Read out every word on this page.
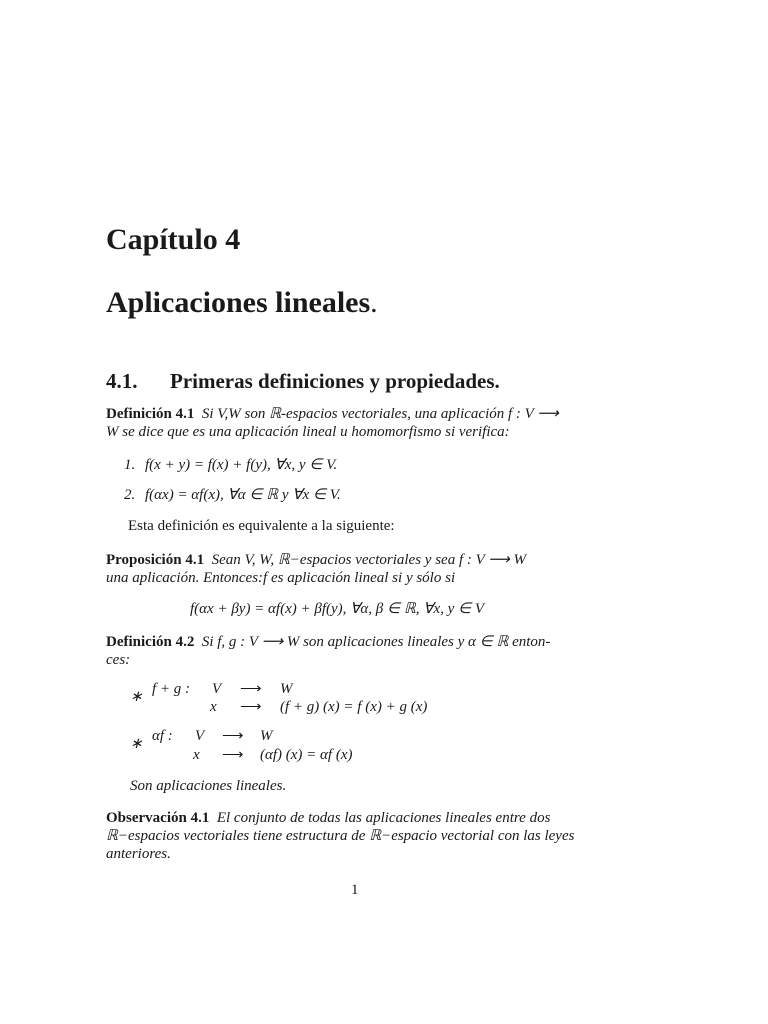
Capítulo 4
Aplicaciones lineales.
4.1. Primeras definiciones y propiedades.
Definición 4.1 Si V,W son ℝ-espacios vectoriales, una aplicación f : V ⟶
W se dice que es una aplicación lineal u homomorfismo si verifica:
1. f(x + y) = f(x) + f(y), ∀x, y ∈ V.
2. f(αx) = αf(x), ∀α ∈ ℝ y ∀x ∈ V.
Esta definición es equivalente a la siguiente:
Proposición 4.1 Sean V, W, ℝ−espacios vectoriales y sea f : V ⟶ W
una aplicación. Entonces:f es aplicación lineal si y sólo si
f(αx + βy) = αf(x) + βf(y), ∀α, β ∈ ℝ, ∀x, y ∈ V
Definición 4.2 Si f, g : V ⟶ W son aplicaciones lineales y α ∈ ℝ enton-
ces:
∗ f + g : V ⟶ W
x ⟶ (f + g) (x) = f (x) + g (x)
∗ αf : V ⟶ W
x ⟶ (αf) (x) = αf (x)
Son aplicaciones lineales.
Observación 4.1 El conjunto de todas las aplicaciones lineales entre dos
ℝ−espacios vectoriales tiene estructura de ℝ−espacio vectorial con las leyes
anteriores.
1
